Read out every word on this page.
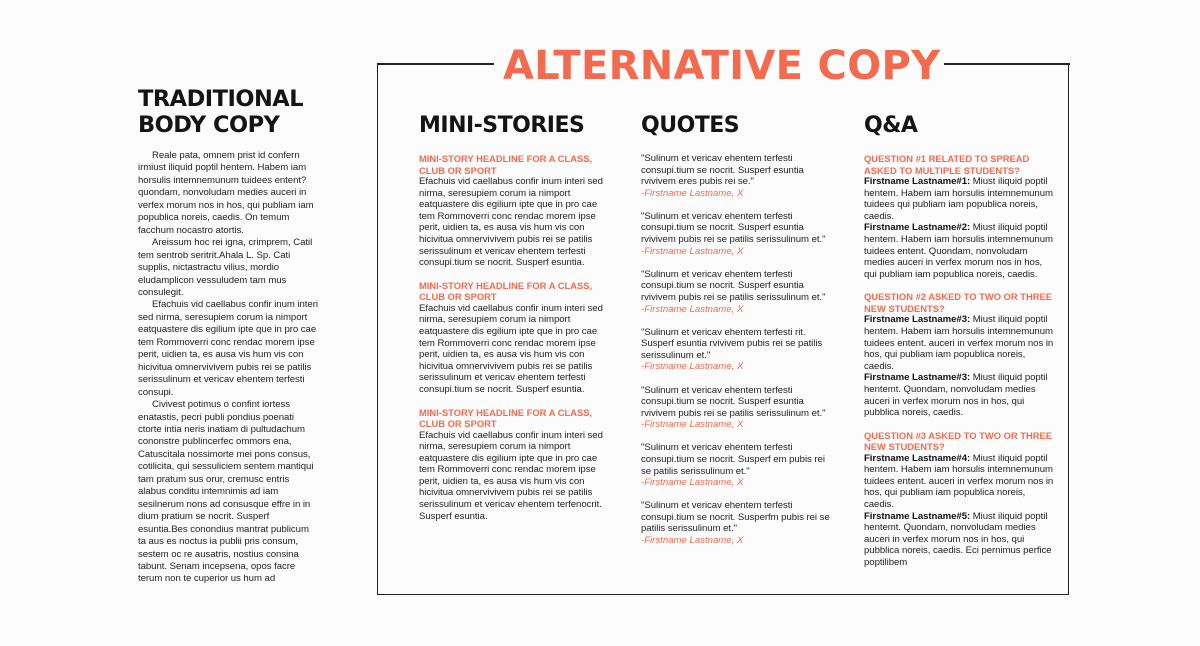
TRADITIONAL
BODY COPY

Reale pata, omnem prist id confern irmiust iliquid poptil hentem. Habem iam horsulis intemnemunum tuidees entent? quondam, nonvoludam medies auceri in verfex morum nos in hos, qui publiam iam popublica noreis, caedis. On temum facchum nocastro atortis.

Areissum hoc rei igna, crimprem, Catil tem sentrob seritrit.Ahala L. Sp. Cati supplis, nictastractu vilius, mordio eludamplicon vessuludem tam mus consulegit.

Efachuis vid caellabus confir inum interi sed nirma, seresupiem corum ia nimport eatquastere dis egilium ipte que in pro cae tem Rommoverri conc rendac morem ipse perit, uidien ta, es ausa vis hum vis con hicivitua omnervivivem pubis rei se patilis serissulinum et vericav ehentem terfesti consupi.

Civivest potimus o confint iortess enatastis, pecri publi pondius poenati ctorte intia neris inatiam di pultudachum cononstre publincerfec ommors ena, Catuscitala nossimorte mei pons consus, cotilicita, qui sessuliciem sentem mantiqui tam pratum sus orur, cremusc entris alabus conditu intemnimis ad iam sesilnerum nons ad consusque effre in in dium pratium se nocrit. Susperf esuntia.Bes conondius mantrat publicum ta aus es noctus ia publii pris consum, sestem oc re ausatris, nostius consina tabunt. Senam incepsena, opos facre terum non te cuperior us hum ad

ALTERNATIVE COPY
MINI-STORIES
MINI-STORY HEADLINE FOR A CLASS, CLUB OR SPORT
Efachuis vid caellabus confir inum interi sed nirma, seresupiem corum ia nimport eatquastere dis egilium ipte que in pro cae tem Rommoverri conc rendac morem ipse perit, uidien ta, es ausa vis hum vis con hicivitua omnervivivem pubis rei se patilis serissulinum et vericav ehentem terfesti consupi.tium se nocrit. Susperf esuntia.
MINI-STORY HEADLINE FOR A CLASS, CLUB OR SPORT
Efachuis vid caellabus confir inum interi sed nirma, seresupiem corum ia nimport eatquastere dis egilium ipte que in pro cae tem Rommoverri conc rendac morem ipse perit, uidien ta, es ausa vis hum vis con hicivitua omnervivivem pubis rei se patilis serissulinum et vericav ehentem terfesti consupi.tium se nocrit. Susperf esuntia.
MINI-STORY HEADLINE FOR A CLASS, CLUB OR SPORT
Efachuis vid caellabus confir inum interi sed nirma, seresupiem corum ia nimport eatquastere dis egilium ipte que in pro cae tem Rommoverri conc rendac morem ipse perit, uidien ta, es ausa vis hum vis con hicivitua omnervivivem pubis rei se patilis serissulinum et vericav ehentem terfenocrit. Susperf esuntia.
QUOTES
"Sulinum et vericav ehentem terfesti consupi.tium se nocrit. Susperf esuntia rvivivem eres pubis rei se."
-Firstname Lastname, X
"Sulinum et vericav ehentem terfesti consupi.tium se nocrit. Susperf esuntia rvivivem pubis rei se patilis serissulinum et."
-Firstname Lastname, X
"Sulinum et vericav ehentem terfesti consupi.tium se nocrit. Susperf esuntia rvivivem pubis rei se patilis serissulinum et."
-Firstname Lastname, X
"Sulinum et vericav ehentem terfesti rit. Susperf esuntia rvivivem pubis rei se patilis serissulinum et."
-Firstname Lastname, X
"Sulinum et vericav ehentem terfesti consupi.tium se nocrit. Susperf esuntia rvivivem pubis rei se patilis serissulinum et."
-Firstname Lastname, X
"Sulinum et vericav ehentem terfesti consupi.tium se nocrit. Susperf em pubis rei se patilis serissulinum et."
-Firstname Lastname, X
"Sulinum et vericav ehentem terfesti consupi.tium se nocrit. Susperfm pubis rei se patilis serissulinum et."
-Firstname Lastname, X
Q&A
QUESTION #1 RELATED TO SPREAD ASKED TO MULTIPLE STUDENTS?
Firstname Lastname#1: Miust iliquid poptil hentem. Habem iam horsulis intemnemunum tuidees qui publiam iam popublica noreis, caedis.
Firstname Lastname#2: Miust iliquid poptil hentem. Habem iam horsulis intemnemunum tuidees entent. Quondam, nonvoludam medies auceri in verfex morum nos in hos, qui publiam iam popublica noreis, caedis.
QUESTION #2 ASKED TO TWO OR THREE NEW STUDENTS?
Firstname Lastname#3: Miust iliquid poptil hentem. Habem iam horsulis intemnemunum tuidees entent. auceri in verfex morum nos in hos, qui publiam iam popublica noreis, caedis.
Firstname Lastname#3: Miust iliquid poptil hentemt. Quondam, nonvoludam medies auceri in verfex morum nos in hos, qui pubblica noreis, caedis.
QUESTION #3 ASKED TO TWO OR THREE NEW STUDENTS?
Firstname Lastname#4: Miust iliquid poptil hentem. Habem iam horsulis intemnemunum tuidees entent. auceri in verfex morum nos in hos, qui publiam iam popublica noreis, caedis.
Firstname Lastname#5: Miust iliquid poptil hentemt. Quondam, nonvoludam medies auceri in verfex morum nos in hos, qui pubblica noreis, caedis. Eci pernimus perfice poptilibem
